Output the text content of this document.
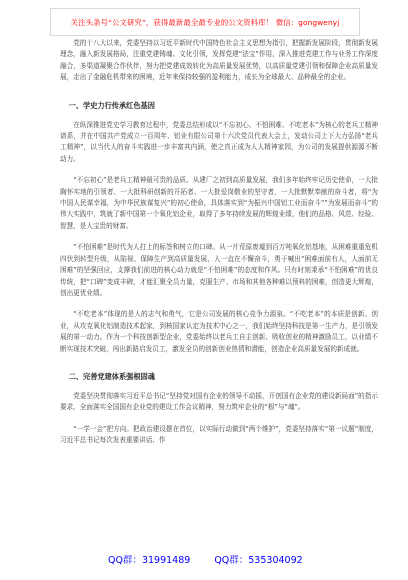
关注头条号“公文研究”，获得最新最全最专业的公文资料库！ 微信：gongwenyj

党的十八大以来，党委坚持以习近平新时代中国特色社会主义思想为指引，把握新发展阶段，贯彻新发展理念，融入新发展格局，注重党建铸魂、文化引领，发挥党建“法宝”作用，深入推进党建工作与业务工作深度融合，多渠道凝聚合作伙伴，努力把党建成效转化为高质量发展优势，以高质量党建引领和保障企业高质量发展，走出了金融危机带来的困境，近年来保持较强的盈利能力，成长为全球最大、品种最全的企业。

一、学史力行传承红色基因

在纵深推进党史学习教育过程中，党委总结形成以“不忘初心、不怕困难、不吃老本”为核心的老兵工精神谱系，并在中国共产党成立一百周年、铝业有限公司第十六次党员代表大会上，发动公司上下大力弘扬“老兵工精神”，以当代人的奋斗实践进一步丰富其内涵，使之真正成为人人精神家园，为公司的发展提供源源不断动力。

“不忘初心”是老兵工精神最可贵的品质。从建厂之初到高质量发展，我们多年始终牢记历史使命，一大批胸怀实地的引领者、一大批科研创新的开拓者、一大批爱岗敬业的坚守者，一大批默默奉献的奋斗者，将“为中国人民谋幸福，为中华民族谋复兴”的初心使命，具体落实到“为振兴中国铝工业而奋斗”“为发展而奋斗”的伟大实践中，筑就了新中国第一个氧化铝企业，取得了多年持续发展的辉煌业绩，他们的品格、风范、经验、智慧，是人宝贵的财富。

“不怕困难”是时代为人打上的标签和树立的口碑。从一片荒原废墟到百万吨氧化铝基地，从困难重重危机四伏到转型升级，从陷视、保障生产到高质量发展，人一直在不懈奋斗，勇于喊出“困难面前有人，人面前无困难”的坚强回应，支撑我们前进的核心动力就是“不怕困难”的态度和作风。只有时刻秉承“不怕困难”的优良传统，把“口碑”变成丰碑，才能汇聚全员力量，克服生产、市场和其他各种难以预料的困难，创造更大辉煌，创出更优业绩。

“不吃老本”体现的是人的志气和勇气，它是公司发展的核心竞争力源泉。“不吃老本”的本质是创新、创业，从攻克氧化铝制造技术起家，到核国家认定为技术中心之一，我们始终坚持科技是第一生产力，是引领发展的第一动力。作为一个科技创新型企业，党委始终以老兵工自主创新、吸收创业的精神激励员工，以业绩不断实现技术突破，闯出新路启发员工，激发全员的创新创业热情和潜能，创造企业高质量发展的新成就。

二、完善党建体系强根固魂

党委坚决贯彻落实习近平总书记“坚持党对国有企业的领导不动摇，开创国有企业党的建设新局面”的指示要求，全面落实全国国有企业党的建设工作会议精神，努力筑牢企业的“根”与“魂”。

“一学一会”把方向。把政治建设摆在首位，以实际行动做到“两个维护”，党委坚持落实“第一议题”制度，习近平总书记每次发表重要讲话、作

QQ群：31991489	QQ群：535304092
